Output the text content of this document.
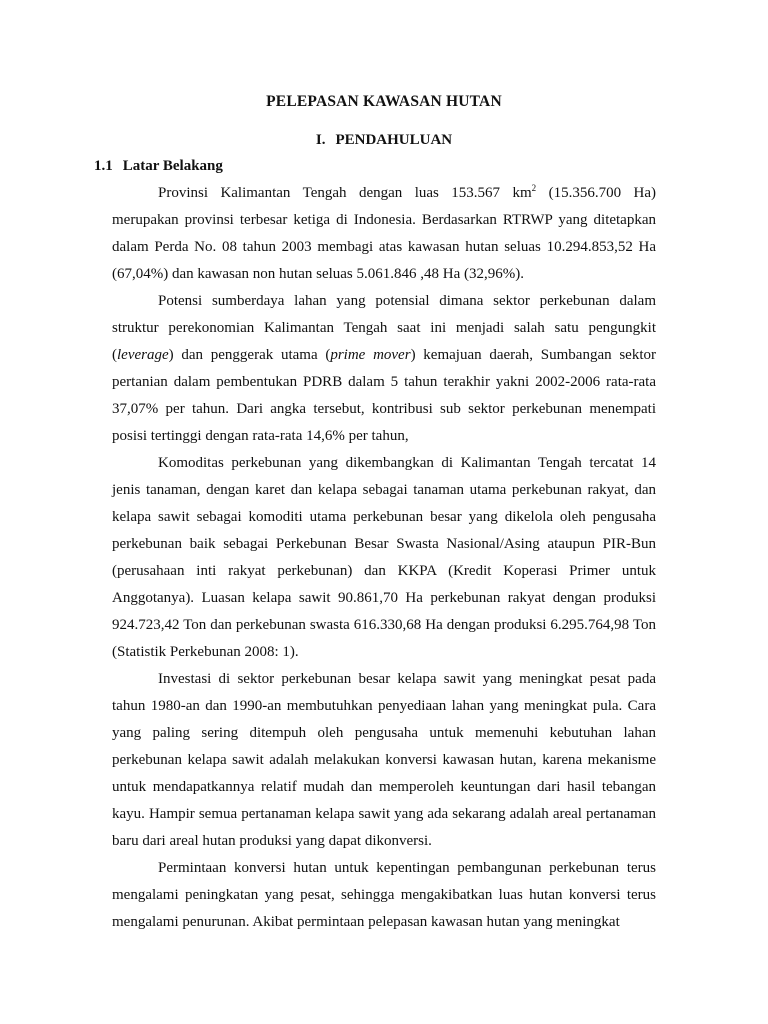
PELEPASAN KAWASAN HUTAN
I. PENDAHULUAN
1.1 Latar Belakang

Provinsi Kalimantan Tengah dengan luas 153.567 $km^2$ (15.356.700 Ha) merupakan provinsi terbesar ketiga di Indonesia. Berdasarkan RTRWP yang ditetapkan dalam Perda No. 08 tahun 2003 membagi atas kawasan hutan seluas 10.294.853,52 Ha (67,04%) dan kawasan non hutan seluas 5.061.846 ,48 Ha (32,96%).

Potensi sumberdaya lahan yang potensial dimana sektor perkebunan dalam struktur perekonomian Kalimantan Tengah saat ini menjadi salah satu pengungkit (leverage) dan penggerak utama (prime mover) kemajuan daerah, Sumbangan sektor pertanian dalam pembentukan PDRB dalam 5 tahun terakhir yakni 2002-2006 rata-rata 37,07% per tahun. Dari angka tersebut, kontribusi sub sektor perkebunan menempati posisi tertinggi dengan rata-rata 14,6% per tahun,

Komoditas perkebunan yang dikembangkan di Kalimantan Tengah tercatat 14 jenis tanaman, dengan karet dan kelapa sebagai tanaman utama perkebunan rakyat, dan kelapa sawit sebagai komoditi utama perkebunan besar yang dikelola oleh pengusaha perkebunan baik sebagai Perkebunan Besar Swasta Nasional/Asing ataupun PIR-Bun (perusahaan inti rakyat perkebunan) dan KKPA (Kredit Koperasi Primer untuk Anggotanya). Luasan kelapa sawit 90.861,70 Ha perkebunan rakyat dengan produksi 924.723,42 Ton dan perkebunan swasta 616.330,68 Ha dengan produksi 6.295.764,98 Ton (Statistik Perkebunan 2008: 1).

Investasi di sektor perkebunan besar kelapa sawit yang meningkat pesat pada tahun 1980-an dan 1990-an membutuhkan penyediaan lahan yang meningkat pula. Cara yang paling sering ditempuh oleh pengusaha untuk memenuhi kebutuhan lahan perkebunan kelapa sawit adalah melakukan konversi kawasan hutan, karena mekanisme untuk mendapatkannya relatif mudah dan memperoleh keuntungan dari hasil tebangan kayu. Hampir semua pertanaman kelapa sawit yang ada sekarang adalah areal pertanaman baru dari areal hutan produksi yang dapat dikonversi.

Permintaan konversi hutan untuk kepentingan pembangunan perkebunan terus mengalami peningkatan yang pesat, sehingga mengakibatkan luas hutan konversi terus mengalami penurunan. Akibat permintaan pelepasan kawasan hutan yang meningkat
